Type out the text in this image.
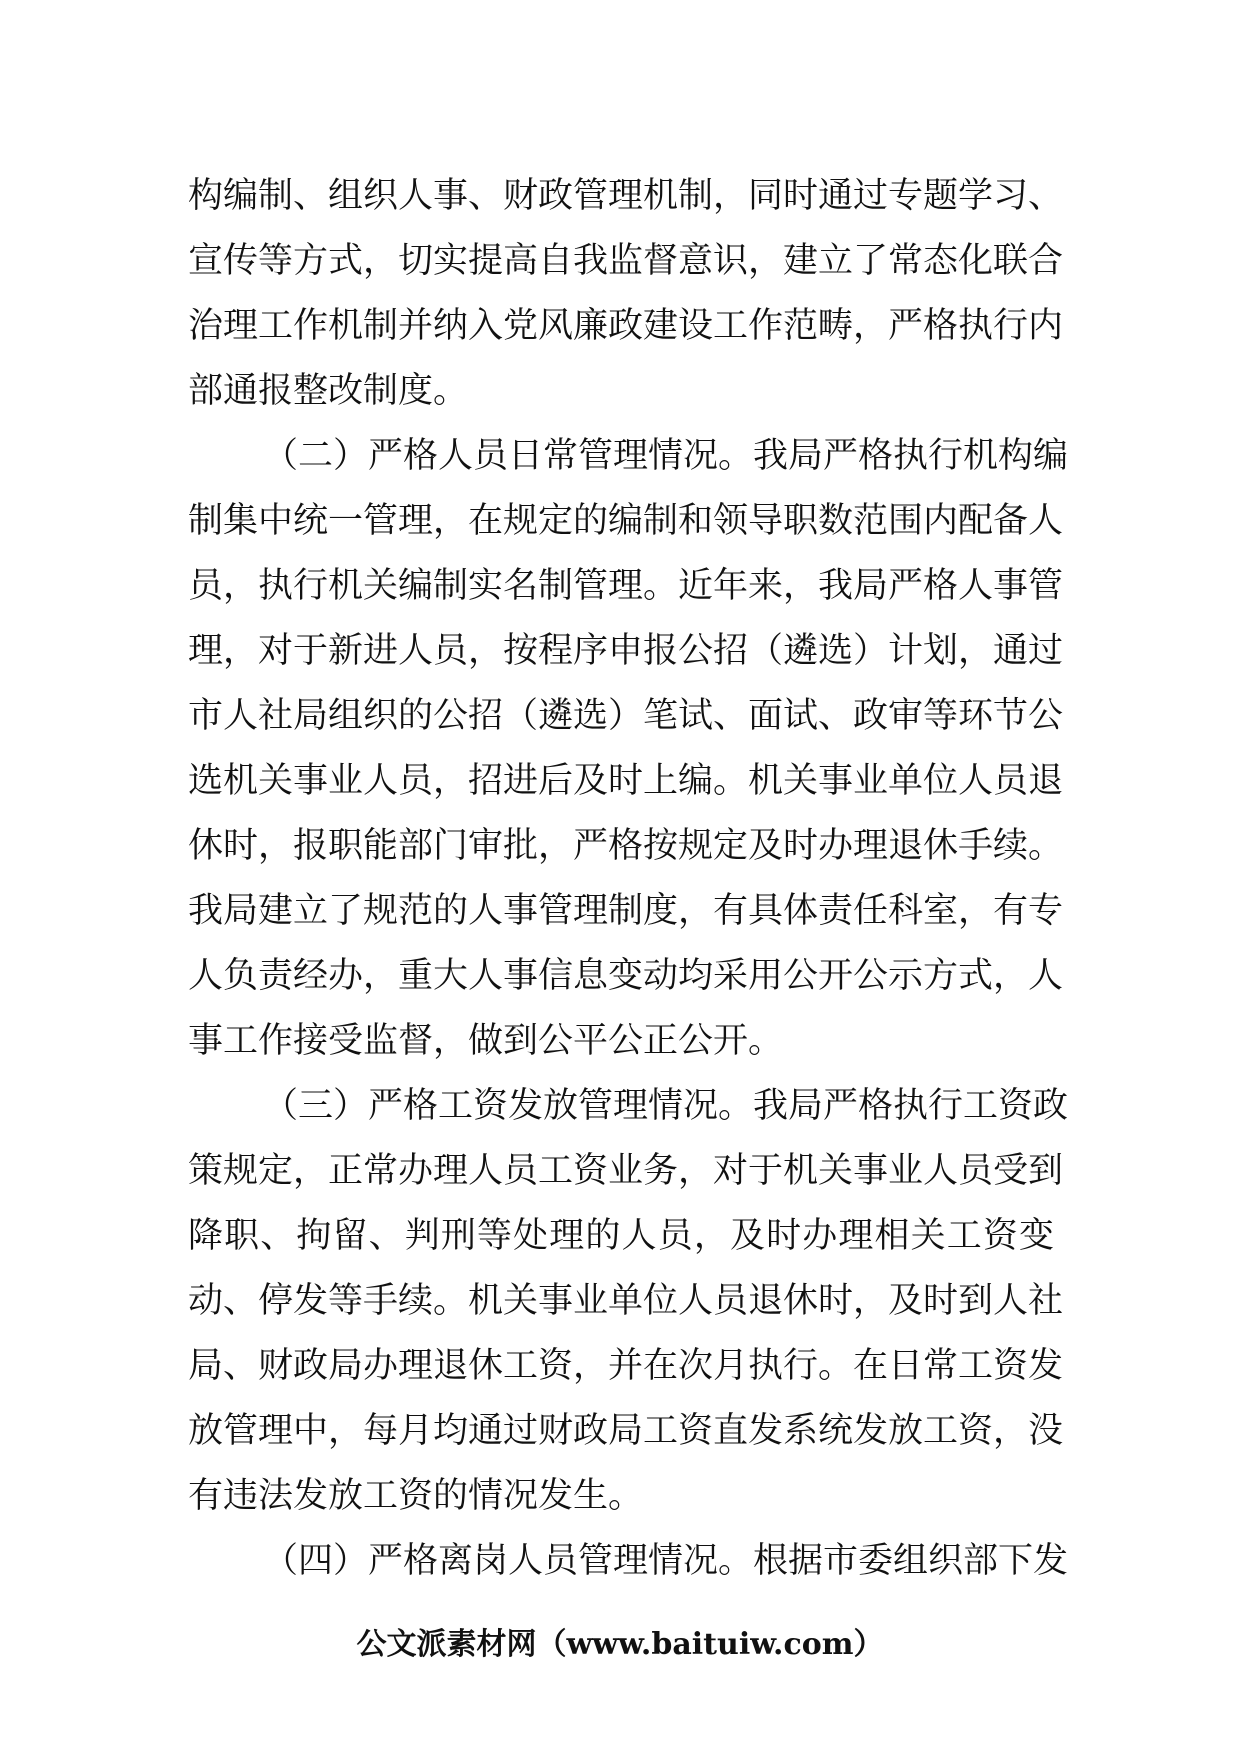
构编制、组织人事、财政管理机制，同时通过专题学习、
宣传等方式，切实提高自我监督意识，建立了常态化联合
治理工作机制并纳入党风廉政建设工作范畴，严格执行内
部通报整改制度。
（二）严格人员日常管理情况。我局严格执行机构编
制集中统一管理，在规定的编制和领导职数范围内配备人
员，执行机关编制实名制管理。近年来，我局严格人事管
理，对于新进人员，按程序申报公招（遴选）计划，通过
市人社局组织的公招（遴选）笔试、面试、政审等环节公
选机关事业人员，招进后及时上编。机关事业单位人员退
休时，报职能部门审批，严格按规定及时办理退休手续。
我局建立了规范的人事管理制度，有具体责任科室，有专
人负责经办，重大人事信息变动均采用公开公示方式，人
事工作接受监督，做到公平公正公开。
（三）严格工资发放管理情况。我局严格执行工资政
策规定，正常办理人员工资业务，对于机关事业人员受到
降职、拘留、判刑等处理的人员，及时办理相关工资变
动、停发等手续。机关事业单位人员退休时，及时到人社
局、财政局办理退休工资，并在次月执行。在日常工资发
放管理中，每月均通过财政局工资直发系统发放工资，没
有违法发放工资的情况发生。
（四）严格离岗人员管理情况。根据市委组织部下发
公文派素材网（www.baituiw.com）
